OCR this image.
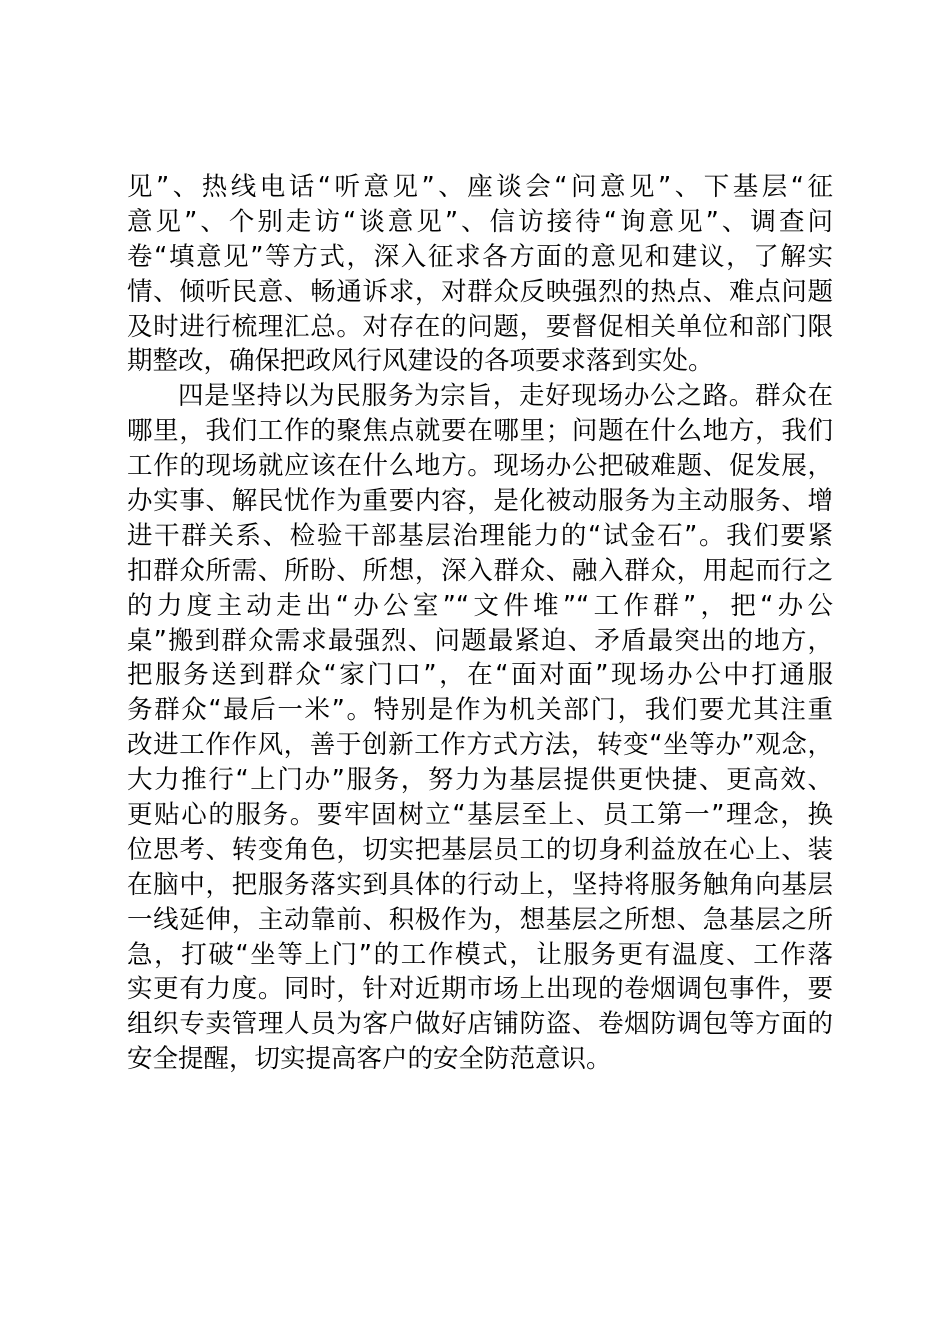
见”、热线电话“听意见”、座谈会“问意见”、下基层“征
意见”、个别走访“谈意见”、信访接待“询意见”、调查问
卷“填意见”等方式，深入征求各方面的意见和建议，了解实
情、倾听民意、畅通诉求，对群众反映强烈的热点、难点问题
及时进行梳理汇总。对存在的问题，要督促相关单位和部门限
期整改，确保把政风行风建设的各项要求落到实处。
四是坚持以为民服务为宗旨，走好现场办公之路。群众在
哪里，我们工作的聚焦点就要在哪里；问题在什么地方，我们
工作的现场就应该在什么地方。现场办公把破难题、促发展，
办实事、解民忧作为重要内容，是化被动服务为主动服务、增
进干群关系、检验干部基层治理能力的“试金石”。我们要紧
扣群众所需、所盼、所想，深入群众、融入群众，用起而行之
的力度主动走出“办公室”“文件堆”“工作群”，把“办公
桌”搬到群众需求最强烈、问题最紧迫、矛盾最突出的地方，
把服务送到群众“家门口”，在“面对面”现场办公中打通服
务群众“最后一米”。特别是作为机关部门，我们要尤其注重
改进工作作风，善于创新工作方式方法，转变“坐等办”观念，
大力推行“上门办”服务，努力为基层提供更快捷、更高效、
更贴心的服务。要牢固树立“基层至上、员工第一”理念，换
位思考、转变角色，切实把基层员工的切身利益放在心上、装
在脑中，把服务落实到具体的行动上，坚持将服务触角向基层
一线延伸，主动靠前、积极作为，想基层之所想、急基层之所
急，打破“坐等上门”的工作模式，让服务更有温度、工作落
实更有力度。同时，针对近期市场上出现的卷烟调包事件，要
组织专卖管理人员为客户做好店铺防盗、卷烟防调包等方面的
安全提醒，切实提高客户的安全防范意识。
